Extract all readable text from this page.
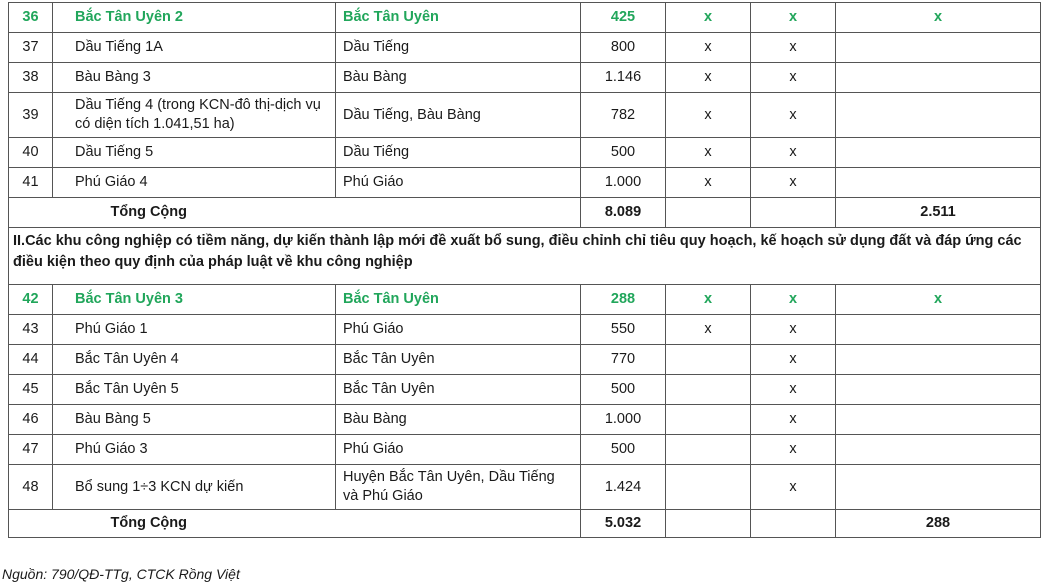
36	Bắc Tân Uyên 2	Bắc Tân Uyên	425	x	x	x
37	Dầu Tiếng 1A	Dầu Tiếng	800	x	x	
38	Bàu Bàng 3	Bàu Bàng	1.146	x	x	
39	Dầu Tiếng 4 (trong KCN-đô thị-dịch vụ có diện tích 1.041,51 ha)	Dầu Tiếng, Bàu Bàng	782	x	x	
40	Dầu Tiếng 5	Dầu Tiếng	500	x	x	
41	Phú Giáo 4	Phú Giáo	1.000	x	x	
	Tổng Cộng		8.089			2.511
II.Các khu công nghiệp có tiềm năng, dự kiến thành lập mới đề xuất bổ sung, điều chỉnh chỉ tiêu quy hoạch, kế hoạch sử dụng đất và đáp ứng các điều kiện theo quy định của pháp luật về khu công nghiệp						
42	Bắc Tân Uyên 3	Bắc Tân Uyên	288	x	x	x
43	Phú Giáo 1	Phú Giáo	550	x	x	
44	Bắc Tân Uyên 4	Bắc Tân Uyên	770		x	
45	Bắc Tân Uyên 5	Bắc Tân Uyên	500		x	
46	Bàu Bàng 5	Bàu Bàng	1.000		x	
47	Phú Giáo 3	Phú Giáo	500		x	
48	Bổ sung 1÷3 KCN dự kiến	Huyện Bắc Tân Uyên, Dầu Tiếng và Phú Giáo	1.424		x	
	Tổng Cộng		5.032			288
Nguồn: 790/QĐ-TTg, CTCK Rồng Việt
